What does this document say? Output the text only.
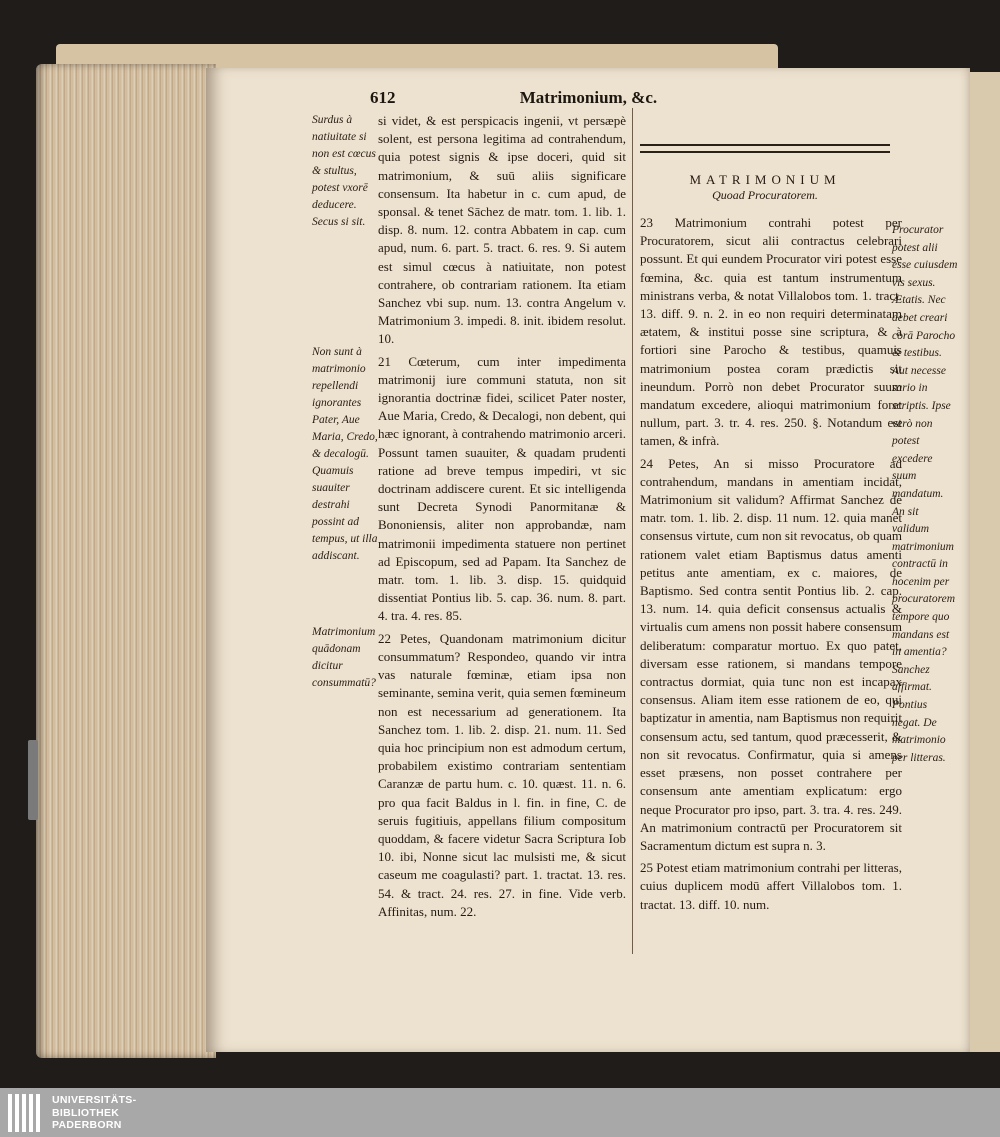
612	Matrimonium, &c.
Surdus à natiuitate si non est cœcus & stultus, potest vxorē deducere. Secus si sit.
Non sunt à matrimonio repellendi ignorantes Pater, Aue Maria, Credo, & decalogū. Quamuis suauiter destrahi possint ad tempus, ut illa addiscant.
Matrimonium quādonam dicitur consummatū?

si videt, & est perspicacis ingenii, vt persæpè solent, est persona legitima ad contrahendum, quia potest signis & ipse doceri, quid sit matrimonium, & suū aliis significare consensum. Ita habetur in c. cum apud, de sponsal. & tenet Sāchez de matr. tom. 1. lib. 1. disp. 8. num. 12. contra Abbatem in cap. cum apud, num. 6. part. 5. tract. 6. res. 9. Si autem est simul cœcus à natiuitate, non potest contrahere, ob contrariam rationem. Ita etiam Sanchez vbi sup. num. 13. contra Angelum v. Matrimonium 3. impedi. 8. init. ibidem resolut. 10.

21 Cœterum, cum inter impedimenta matrimonij iure communi statuta, non sit ignorantia doctrinæ fidei, scilicet Pater noster, Aue Maria, Credo, & Decalogi, non debent, qui hæc ignorant, à contrahendo matrimonio arceri. Possunt tamen suauiter, & quadam prudenti ratione ad breve tempus impediri, vt sic doctrinam addiscere curent. Et sic intelligenda sunt Decreta Synodi Panormitanæ & Bononiensis, aliter non approbandæ, nam matrimonii impedimenta statuere non pertinet ad Episcopum, sed ad Papam. Ita Sanchez de matr. tom. 1. lib. 3. disp. 15. quidquid dissentiat Pontius lib. 5. cap. 36. num. 8. part. 4. tra. 4. res. 85.

22 Petes, Quandonam matrimonium dicitur consummatum? Respondeo, quando vir intra vas naturale fœminæ, etiam ipsa non seminante, semina verit, quia semen fœmineum non est necessarium ad generationem. Ita Sanchez tom. 1. lib. 2. disp. 21. num. 11. Sed quia hoc principium non est admodum certum, probabilem existimo contrariam sententiam Caranzæ de partu hum. c. 10. quæst. 11. n. 6. pro qua facit Baldus in l. fin. in fine, C. de seruis fugitiuis, appellans filium compositum quoddam, & facere videtur Sacra Scriptura Iob 10. ibi, Nonne sicut lac mulsisti me, & sicut caseum me coagulasti? part. 1. tractat. 13. res. 54. & tract. 24. res. 27. in fine. Vide verb. Affinitas, num. 22.

MATRIMONIUM
Quoad Procuratorem.

23 Matrimonium contrahi potest per Procuratorem, sicut alii contractus celebrari possunt. Et qui eundem Procurator viri potest esse fœmina, &c. quia est tantum instrumentum ministrans verba, & notat Villalobos tom. 1. tract. 13. diff. 9. n. 2. in eo non requiri determinatam ætatem, & institui posse sine scriptura, & à fortiori sine Parocho & testibus, quamuis matrimonium postea coram prædictis sit ineundum. Porrò non debet Procurator suum mandatum excedere, alioqui matrimonium foret nullum, part. 3. tr. 4. res. 250. §. Notandum est tamen, & infrà.

24 Petes, An si misso Procuratore ad contrahendum, mandans in amentiam incidat, Matrimonium sit validum? Affirmat Sanchez de matr. tom. 1. lib. 2. disp. 11 num. 12. quia manet consensus virtute, cum non sit revocatus, ob quam rationem valet etiam Baptismus datus amenti petitus ante amentiam, ex c. maiores, de Baptismo. Sed contra sentit Pontius lib. 2. cap. 13. num. 14. quia deficit consensus actualis & virtualis cum amens non possit habere consensum deliberatum: comparatur mortuo. Ex quo patet, diversam esse rationem, si mandans tempore contractus dormiat, quia tunc non est incapax consensus. Aliam item esse rationem de eo, qui baptizatur in amentia, nam Baptismus non requirit consensum actu, sed tantum, quod præcesserit, & non sit revocatus. Confirmatur, quia si amens esset præsens, non posset contrahere per consensum ante amentiam explicatum: ergo neque Procurator pro ipso, part. 3. tra. 4. res. 249. An matrimonium contractū per Procuratorem sit Sacramentum dictum est supra n. 3.

25 Potest etiam matrimonium contrahi per litteras, cuius duplicem modū affert Villalobos tom. 1. tractat. 13. diff. 10. num.

Procurator potest alii esse cuiusdem vis sexus. Ætatis. Nec debet creari corā Parocho & testibus. Aut necesse sario in scriptis. Ipse verò non potest excedere suum mandatum. An sit validum matrimonium contractū in hocenim per procuratorem tempore quo mandans est in amentia? Sanchez affirmat. Pontius negat. De matrimonio per litteras.
UNIVERSITÄTS-
BIBLIOTHEK
PADERBORN
